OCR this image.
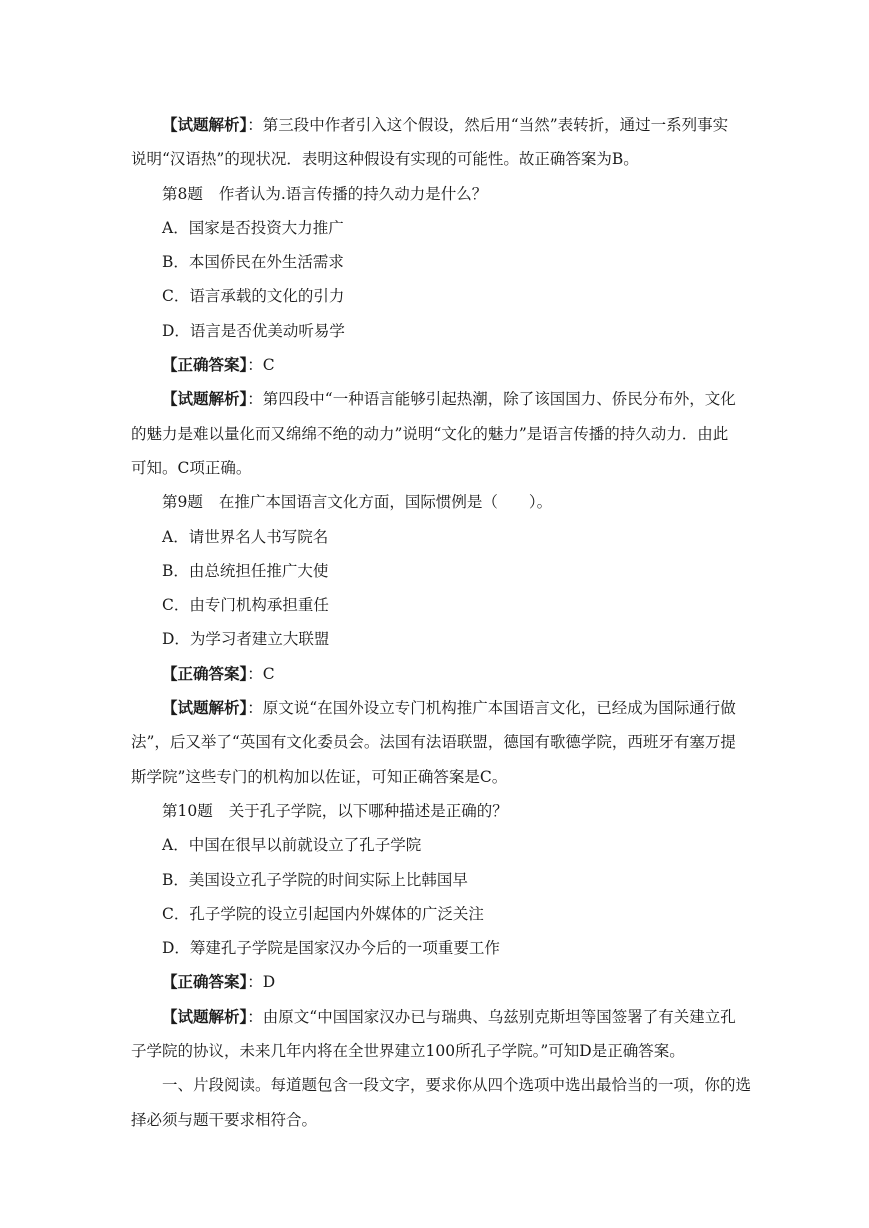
【试题解析】：第三段中作者引入这个假设，然后用“当然”表转折，通过一系列事实
说明“汉语热”的现状况．表明这种假设有实现的可能性。故正确答案为B。
第8题 作者认为.语言传播的持久动力是什么？
A．国家是否投资大力推广
B．本国侨民在外生活需求
C．语言承载的文化的引力
D．语言是否优美动听易学
【正确答案】：C
【试题解析】：第四段中“一种语言能够引起热潮，除了该国国力、侨民分布外，文化
的魅力是难以量化而又绵绵不绝的动力”说明“文化的魅力”是语言传播的持久动力．由此
可知。C项正确。
第9题 在推广本国语言文化方面，国际惯例是（　　）。
A．请世界名人书写院名
B．由总统担任推广大使
C．由专门机构承担重任
D．为学习者建立大联盟
【正确答案】：C
【试题解析】：原文说“在国外设立专门机构推广本国语言文化，已经成为国际通行做
法”，后又举了“英国有文化委员会。法国有法语联盟，德国有歌德学院，西班牙有塞万提
斯学院”这些专门的机构加以佐证，可知正确答案是C。
第10题 关于孔子学院，以下哪种描述是正确的？
A．中国在很早以前就设立了孔子学院
B．美国设立孔子学院的时间实际上比韩国早
C．孔子学院的设立引起国内外媒体的广泛关注
D．筹建孔子学院是国家汉办今后的一项重要工作
【正确答案】：D
【试题解析】：由原文“中国国家汉办已与瑞典、乌兹别克斯坦等国签署了有关建立孔
子学院的协议，未来几年内将在全世界建立100所孔子学院。”可知D是正确答案。
一、片段阅读。每道题包含一段文字，要求你从四个选项中选出最恰当的一项，你的选
择必须与题干要求相符合。
